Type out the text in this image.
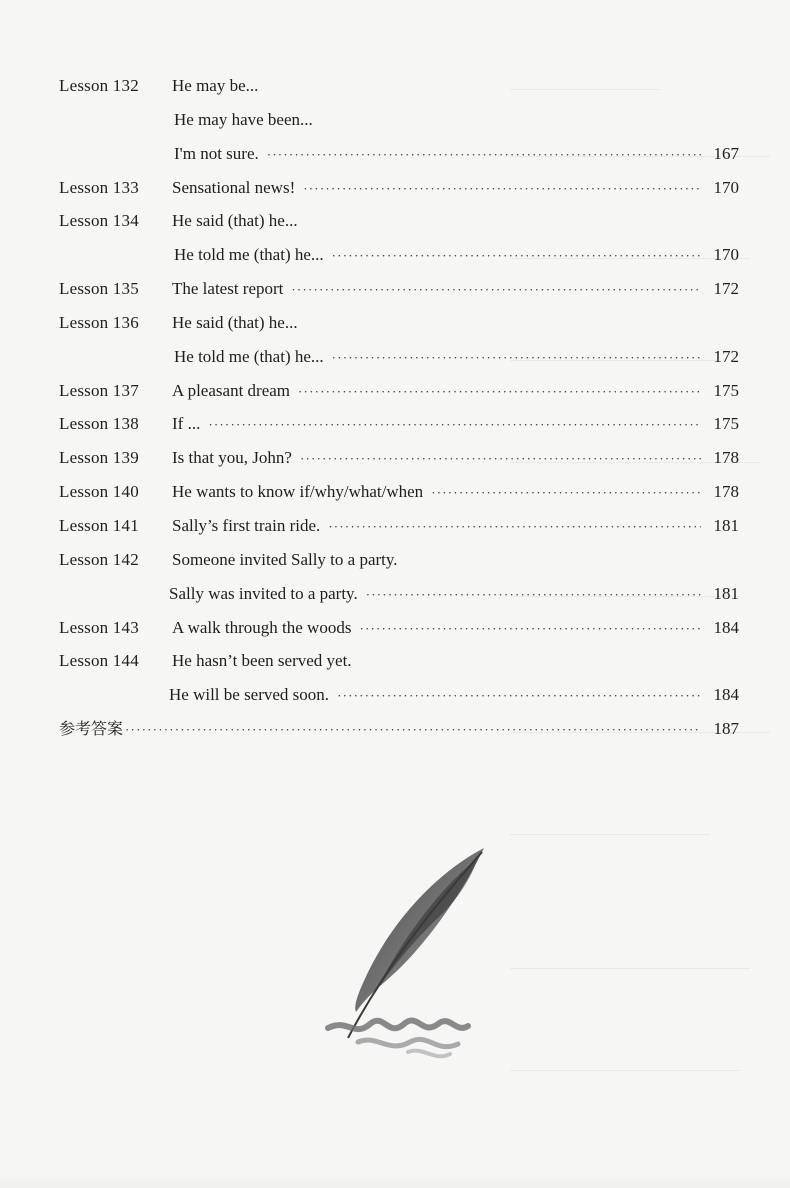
Lesson 132	He may be...
He may have been...
I'm not sure. ·····	167
Lesson 133	Sensational news! ·····	170
Lesson 134	He said (that) he...
He told me (that) he... ·····	170
Lesson 135	The latest report ·····	172
Lesson 136	He said (that) he...
He told me (that) he... ·····	172
Lesson 137	A pleasant dream ·····	175
Lesson 138	If ... ·····	175
Lesson 139	Is that you, John? ·····	178
Lesson 140	He wants to know if/why/what/when ·····	178
Lesson 141	Sally’s first train ride. ·····	181
Lesson 142	Someone invited Sally to a party.
Sally was invited to a party. ·····	181
Lesson 143	A walk through the woods ·····	184
Lesson 144	He hasn’t been served yet.
He will be served soon. ·····	184
参考答案 ·····	187
